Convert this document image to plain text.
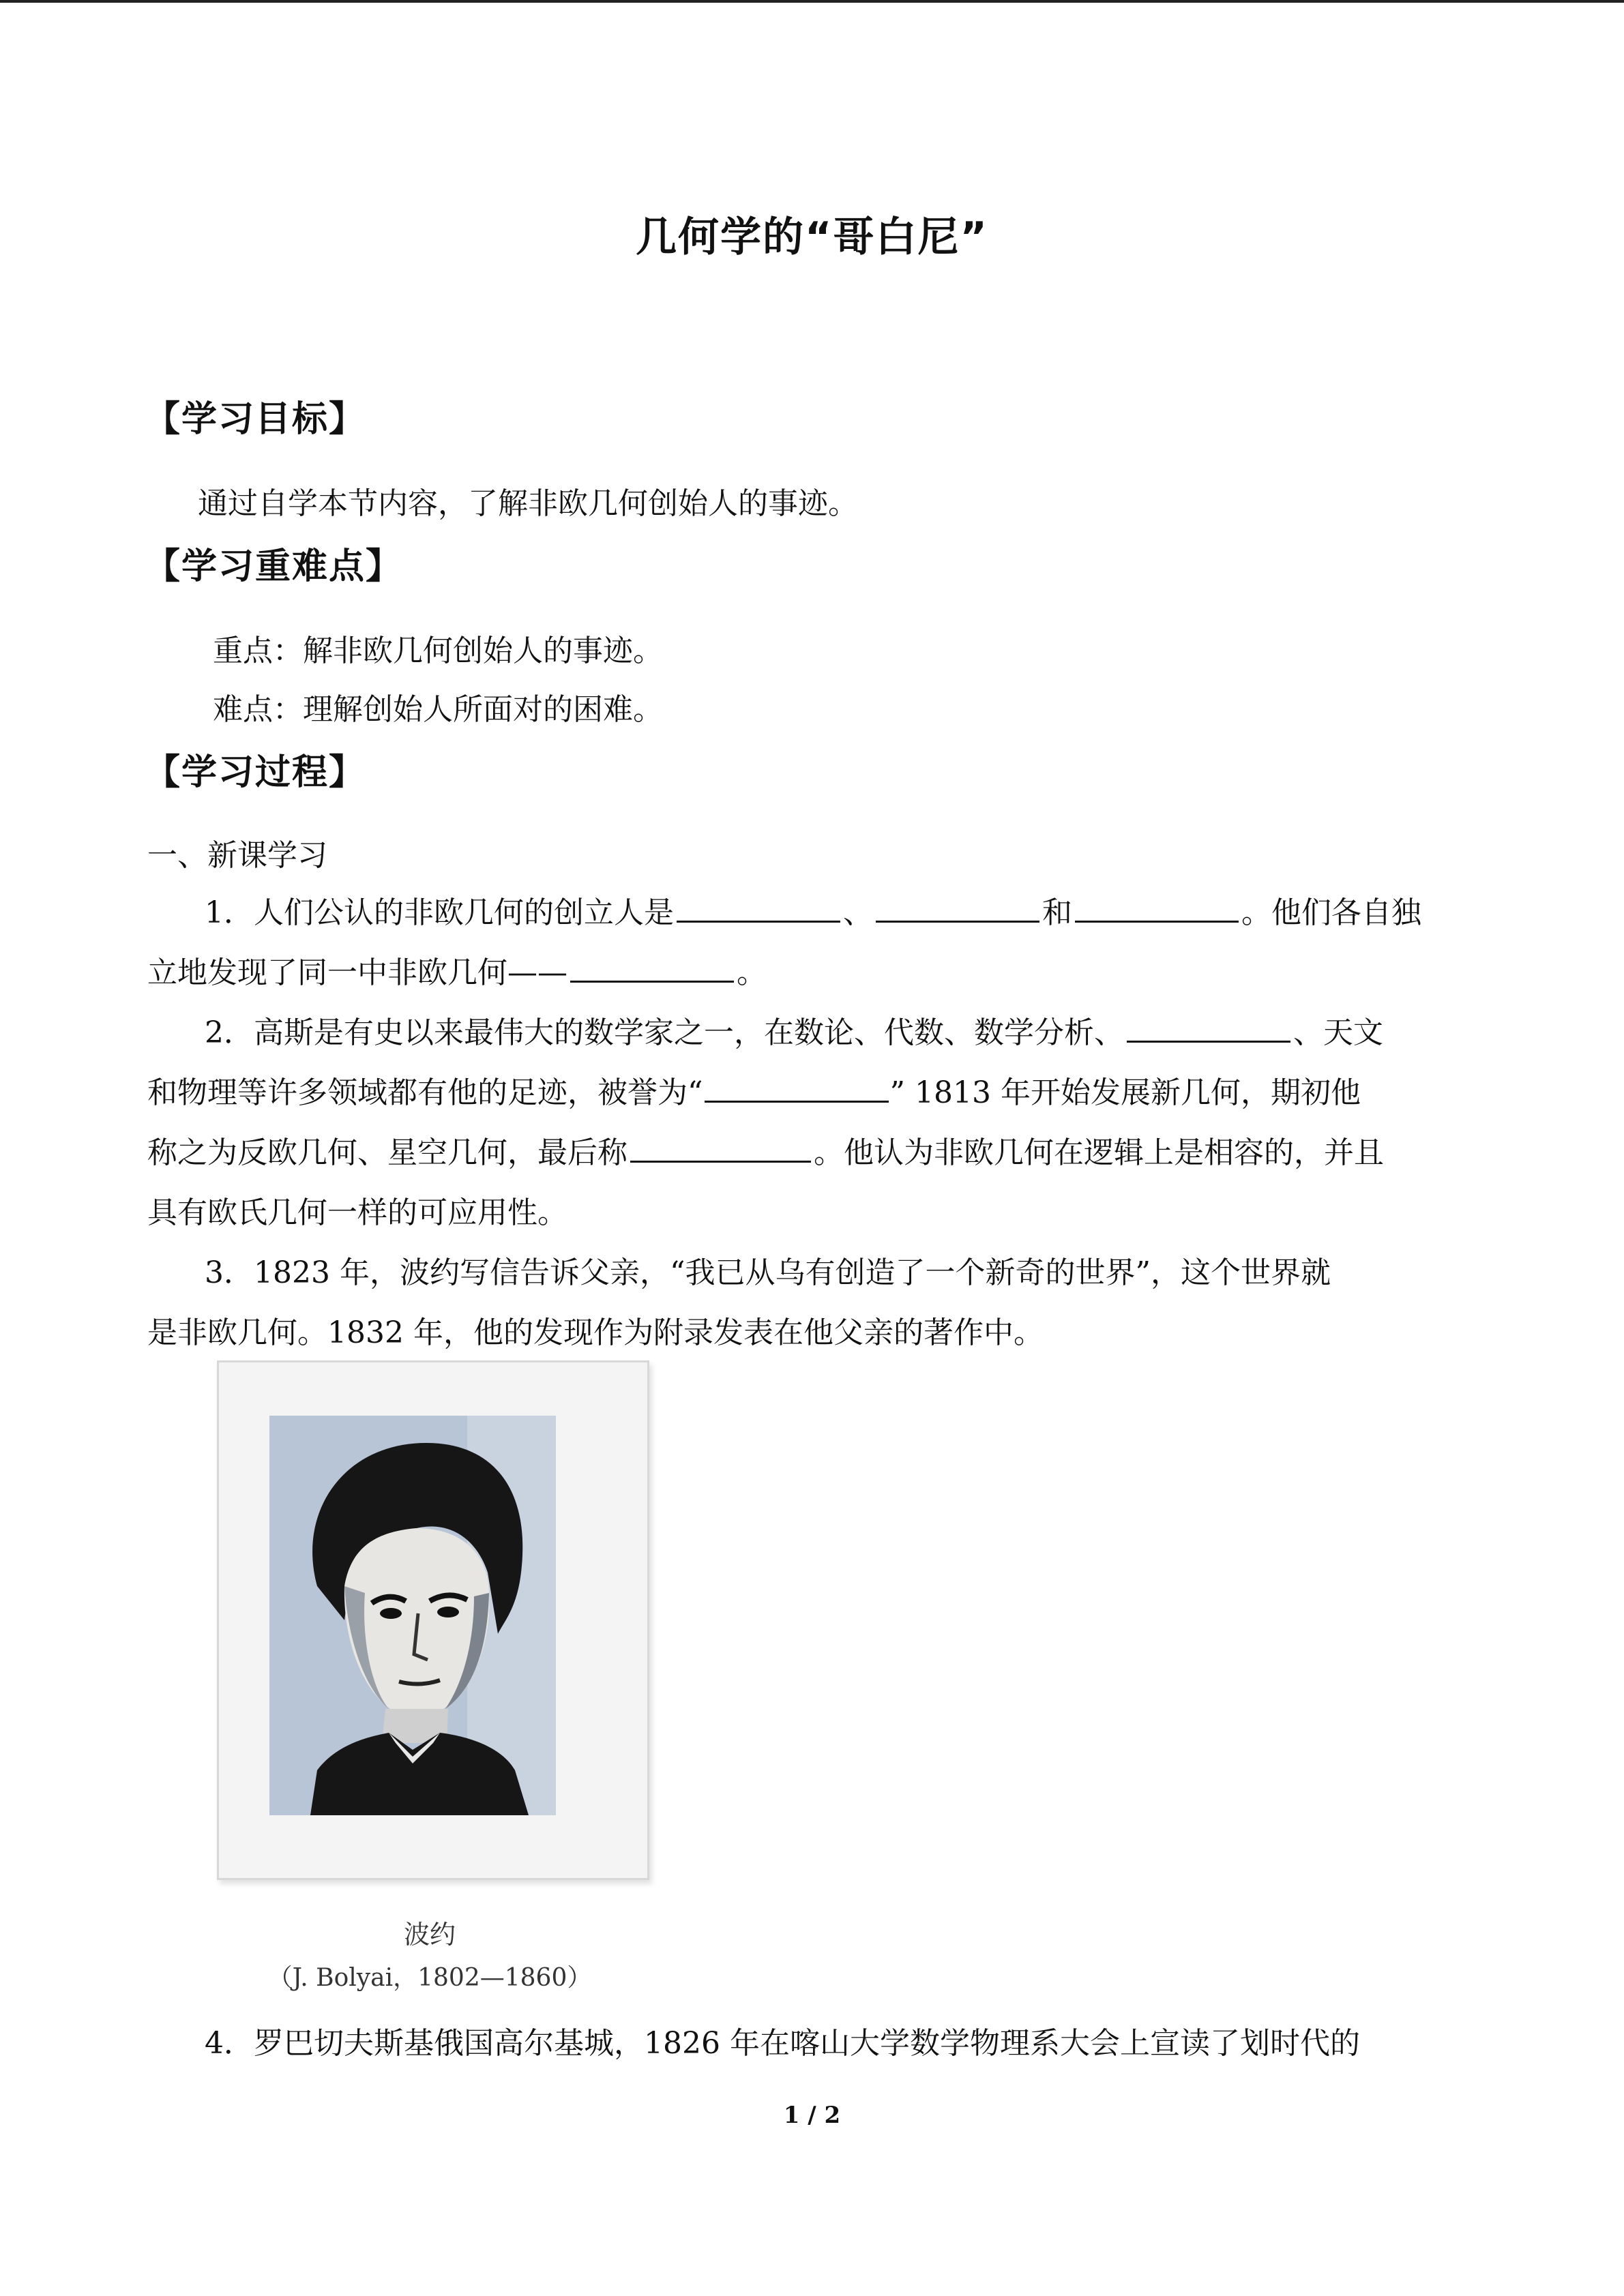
几何学的“哥白尼”
【学习目标】
通过自学本节内容，了解非欧几何创始人的事迹。
【学习重难点】
重点：解非欧几何创始人的事迹。
难点：理解创始人所面对的困难。
【学习过程】
一、新课学习
1．人们公认的非欧几何的创立人是	、	和	。他们各自独
立地发现了同一中非欧几何——	。
2．高斯是有史以来最伟大的数学家之一，在数论、代数、数学分析、	、天文
和物理等许多领域都有他的足迹，被誉为“	” 1813 年开始发展新几何，期初他
称之为反欧几何、星空几何，最后称	。他认为非欧几何在逻辑上是相容的，并且
具有欧氏几何一样的可应用性。
3．1823 年，波约写信告诉父亲，“我已从乌有创造了一个新奇的世界”，这个世界就
是非欧几何。1832 年，他的发现作为附录发表在他父亲的著作中。
波约
（J. Bolyai，1802—1860）
4．罗巴切夫斯基俄国高尔基城，1826 年在喀山大学数学物理系大会上宣读了划时代的
1 / 2
